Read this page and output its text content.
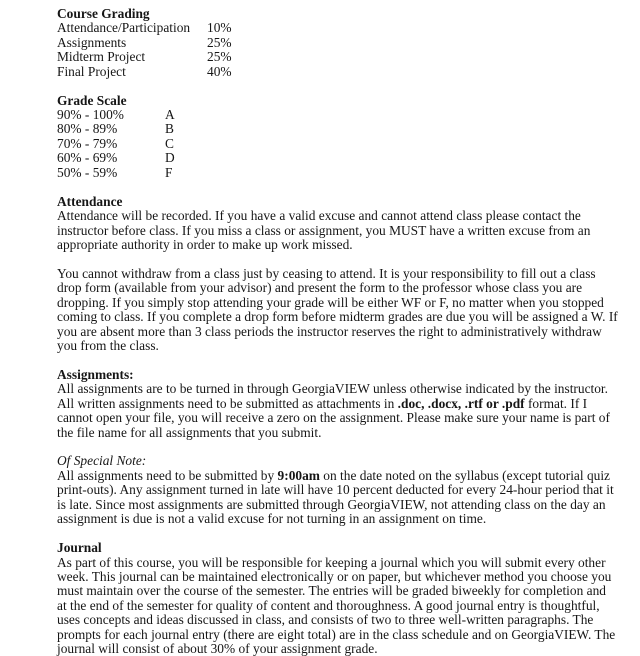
Course Grading
Attendance/Participation 10%
Assignments	25%
Midterm Project	25%
Final Project	40%
Grade Scale
90% - 100%	A
80% - 89%	B
70% - 79%	C
60% - 69%	D
50% - 59%	F
Attendance
Attendance will be recorded. If you have a valid excuse and cannot attend class please contact the
instructor before class. If you miss a class or assignment, you MUST have a written excuse from an
appropriate authority in order to make up work missed.
You cannot withdraw from a class just by ceasing to attend. It is your responsibility to fill out a class
drop form (available from your advisor) and present the form to the professor whose class you are
dropping. If you simply stop attending your grade will be either WF or F, no matter when you stopped
coming to class. If you complete a drop form before midterm grades are due you will be assigned a W. If
you are absent more than 3 class periods the instructor reserves the right to administratively withdraw
you from the class.
Assignments:
All assignments are to be turned in through GeorgiaVIEW unless otherwise indicated by the instructor.
All written assignments need to be submitted as attachments in .doc, .docx, .rtf or .pdf format. If I
cannot open your file, you will receive a zero on the assignment. Please make sure your name is part of
the file name for all assignments that you submit.
Of Special Note:
All assignments need to be submitted by 9:00am on the date noted on the syllabus (except tutorial quiz
print-outs). Any assignment turned in late will have 10 percent deducted for every 24-hour period that it
is late. Since most assignments are submitted through GeorgiaVIEW, not attending class on the day an
assignment is due is not a valid excuse for not turning in an assignment on time.
Journal
As part of this course, you will be responsible for keeping a journal which you will submit every other
week. This journal can be maintained electronically or on paper, but whichever method you choose you
must maintain over the course of the semester. The entries will be graded biweekly for completion and
at the end of the semester for quality of content and thoroughness. A good journal entry is thoughtful,
uses concepts and ideas discussed in class, and consists of two to three well-written paragraphs. The
prompts for each journal entry (there are eight total) are in the class schedule and on GeorgiaVIEW. The
journal will consist of about 30% of your assignment grade.
